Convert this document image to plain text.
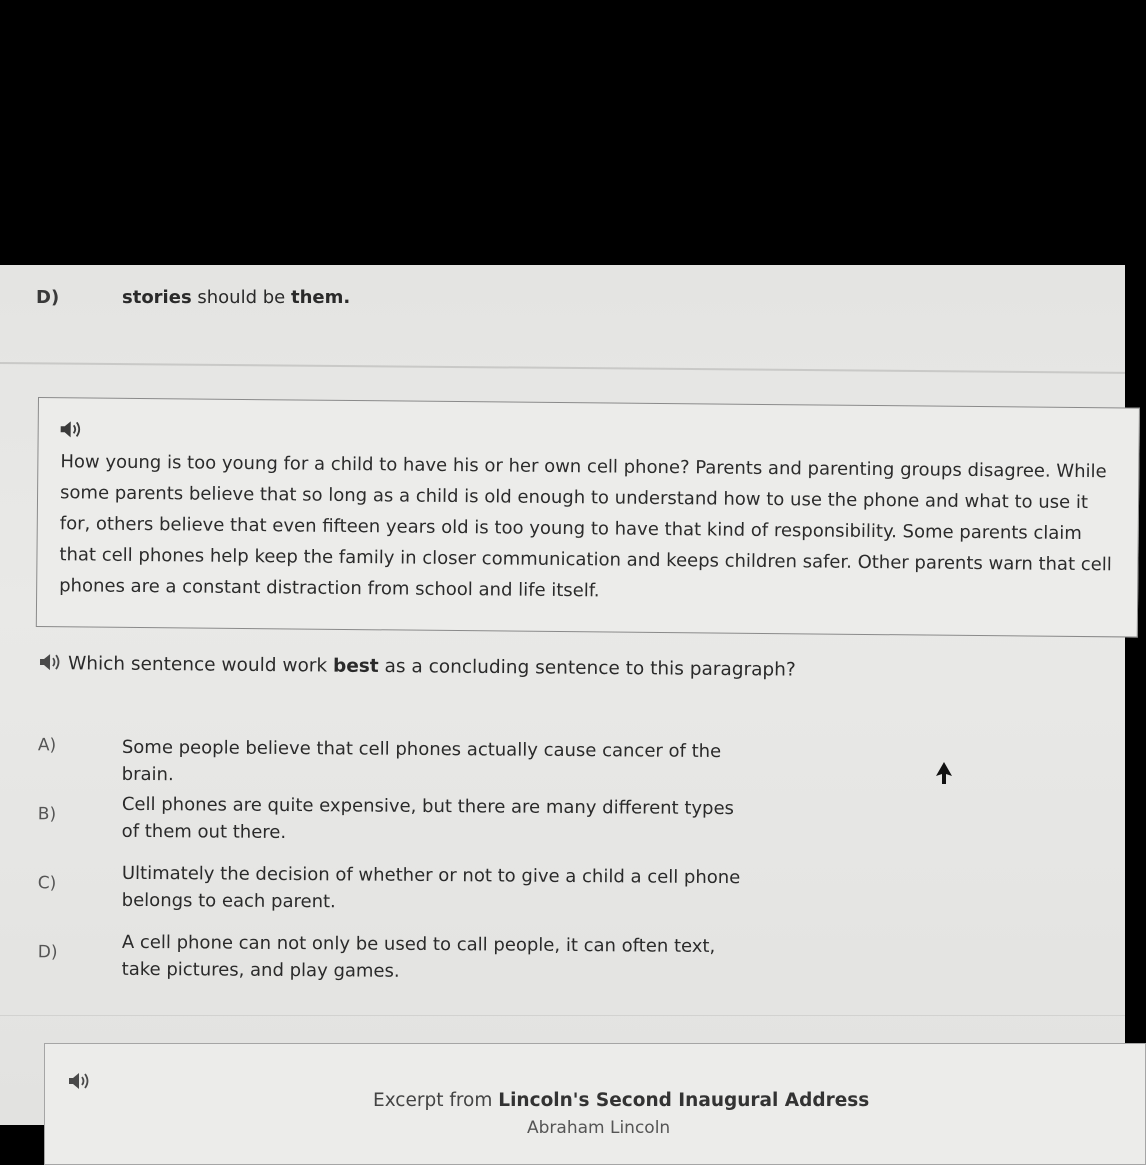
D)	stories should be them.
How young is too young for a child to have his or her own cell phone? Parents and parenting groups disagree. While some parents believe that so long as a child is old enough to understand how to use the phone and what to use it for, others believe that even fifteen years old is too young to have that kind of responsibility. Some parents claim that cell phones help keep the family in closer communication and keeps children safer. Other parents warn that cell phones are a constant distraction from school and life itself.
Which sentence would work best as a concluding sentence to this paragraph?
A)	Some people believe that cell phones actually cause cancer of the brain.
B)	Cell phones are quite expensive, but there are many different types of them out there.
C)	Ultimately the decision of whether or not to give a child a cell phone belongs to each parent.
D)	A cell phone can not only be used to call people, it can often text, take pictures, and play games.
Excerpt from Lincoln's Second Inaugural Address
Abraham Lincoln
